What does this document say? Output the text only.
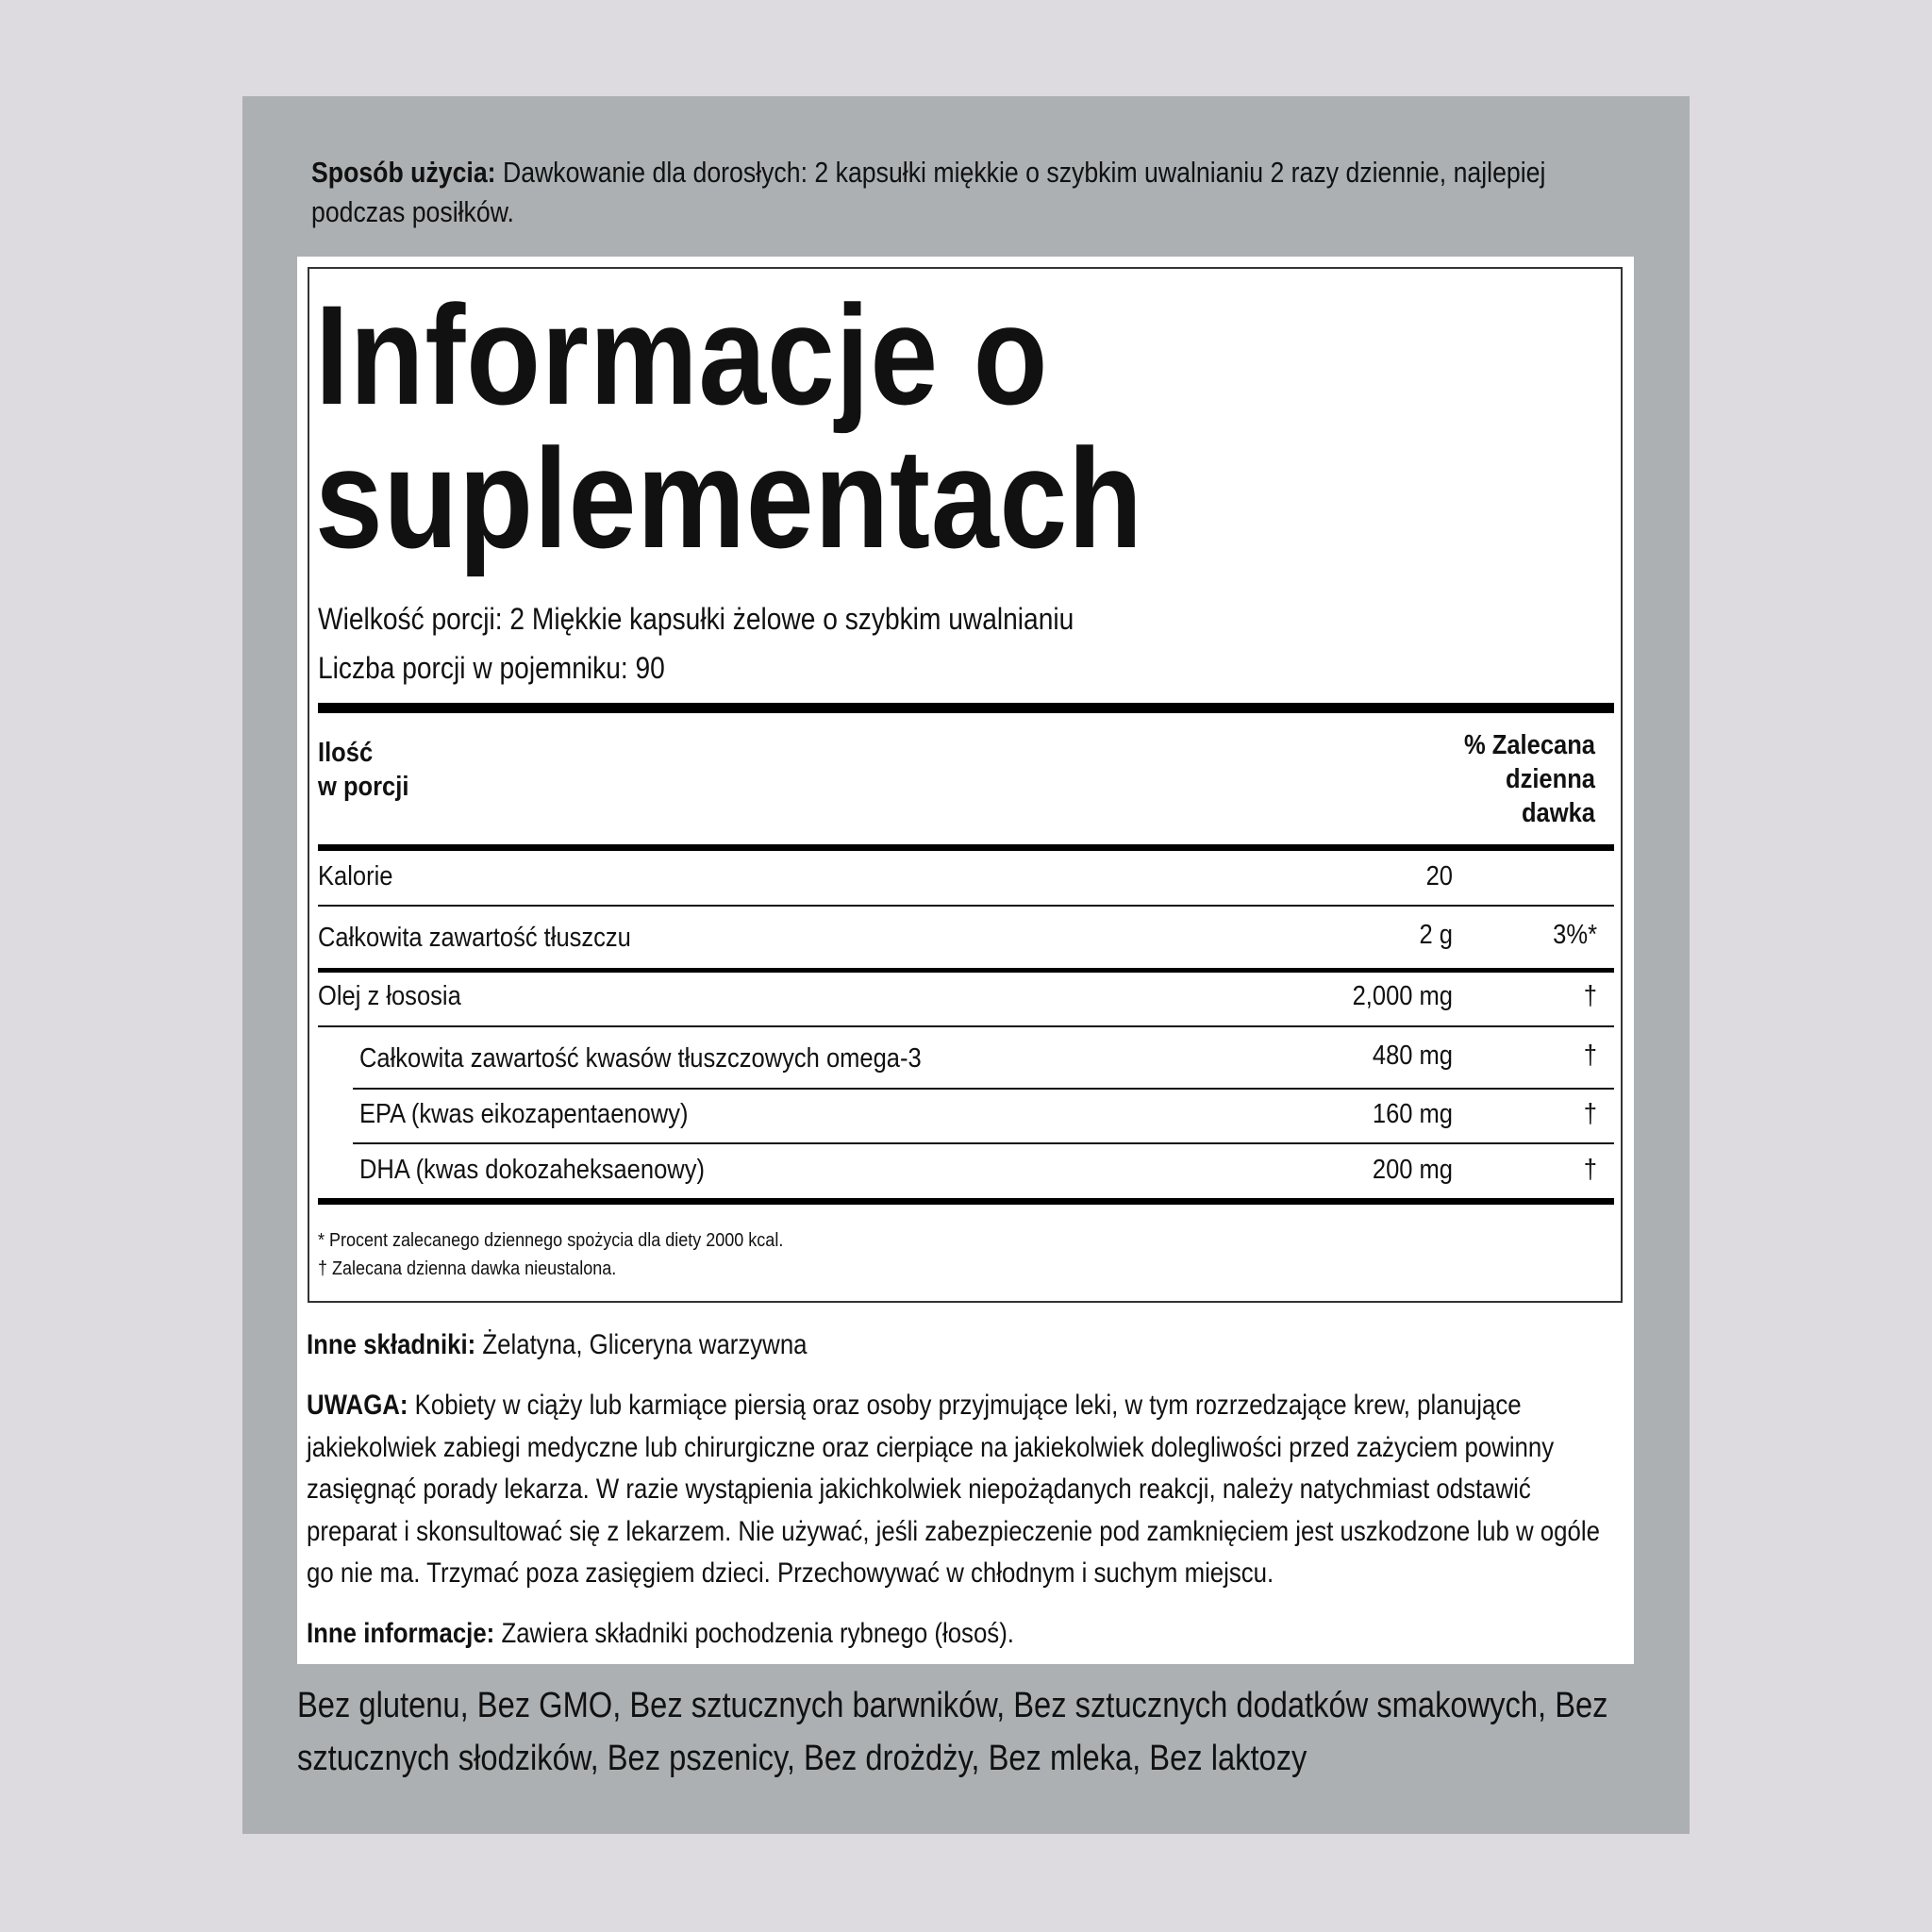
Sposób użycia: Dawkowanie dla dorosłych: 2 kapsułki miękkie o szybkim uwalnianiu 2 razy dziennie, najlepiej podczas posiłków.
Informacje o
suplementach
Wielkość porcji: 2 Miękkie kapsułki żelowe o szybkim uwalnianiu
Liczba porcji w pojemniku: 90
Ilość
w porcji
% Zalecana
dzienna
dawka
Kalorie	20
Całkowita zawartość tłuszczu	2 g	3%*
Olej z łososia	2,000 mg	†
Całkowita zawartość kwasów tłuszczowych omega-3	480 mg	†
EPA (kwas eikozapentaenowy)	160 mg	†
DHA (kwas dokozaheksaenowy)	200 mg	†
* Procent zalecanego dziennego spożycia dla diety 2000 kcal.
† Zalecana dzienna dawka nieustalona.
Inne składniki: Żelatyna, Gliceryna warzywna
UWAGA: Kobiety w ciąży lub karmiące piersią oraz osoby przyjmujące leki, w tym rozrzedzające krew, planujące jakiekolwiek zabiegi medyczne lub chirurgiczne oraz cierpiące na jakiekolwiek dolegliwości przed zażyciem powinny zasięgnąć porady lekarza. W razie wystąpienia jakichkolwiek niepożądanych reakcji, należy natychmiast odstawić preparat i skonsultować się z lekarzem. Nie używać, jeśli zabezpieczenie pod zamknięciem jest uszkodzone lub w ogóle go nie ma. Trzymać poza zasięgiem dzieci. Przechowywać w chłodnym i suchym miejscu.
Inne informacje: Zawiera składniki pochodzenia rybnego (łosoś).
Bez glutenu, Bez GMO, Bez sztucznych barwników, Bez sztucznych dodatków smakowych, Bez sztucznych słodzików, Bez pszenicy, Bez drożdży, Bez mleka, Bez laktozy
